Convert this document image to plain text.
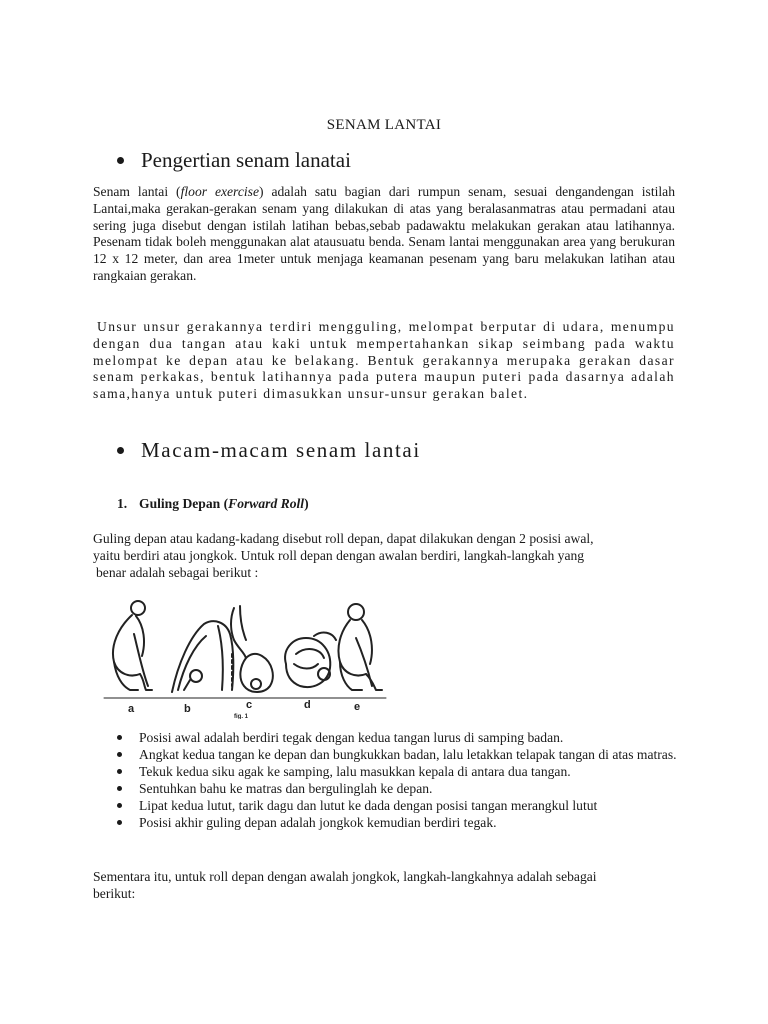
SENAM LANTAI
Pengertian senam lanatai

Senam lantai (floor exercise) adalah satu bagian dari rumpun senam, sesuai dengandengan istilah Lantai,maka gerakan-gerakan senam yang dilakukan di atas yang beralasanmatras atau permadani atau sering juga disebut dengan istilah latihan bebas,sebab padawaktu melakukan gerakan atau latihannya. Pesenam tidak boleh menggunakan alat atausuatu benda. Senam lantai menggunakan area yang berukuran 12 x 12 meter, dan area 1meter untuk menjaga keamanan pesenam yang baru melakukan latihan atau rangkaian gerakan.

Unsur unsur gerakannya terdiri mengguling, melompat berputar di udara, menumpu dengan dua tangan atau kaki untuk mempertahankan sikap seimbang pada waktu melompat ke depan atau ke belakang. Bentuk gerakannya merupaka gerakan dasar senam perkakas, bentuk latihannya pada putera maupun puteri pada dasarnya adalah sama,hanya untuk puteri dimasukkan unsur-unsur gerakan balet.

Macam-macam senam lantai
1. Guling Depan (Forward Roll)
Guling depan atau kadang-kadang disebut roll depan, dapat dilakukan dengan 2 posisi awal,
yaitu berdiri atau jongkok. Untuk roll depan dengan awalan berdiri, langkah-langkah yang
benar adalah sebagai berikut :
a	b	c	d	e
fig. 1
Posisi awal adalah berdiri tegak dengan kedua tangan lurus di samping badan.
Angkat kedua tangan ke depan dan bungkukkan badan, lalu letakkan telapak tangan di atas matras.
Tekuk kedua siku agak ke samping, lalu masukkan kepala di antara dua tangan.
Sentuhkan bahu ke matras dan bergulinglah ke depan.
Lipat kedua lutut, tarik dagu dan lutut ke dada dengan posisi tangan merangkul lutut
Posisi akhir guling depan adalah jongkok kemudian berdiri tegak.
Sementara itu, untuk roll depan dengan awalah jongkok, langkah-langkahnya adalah sebagai
berikut:
